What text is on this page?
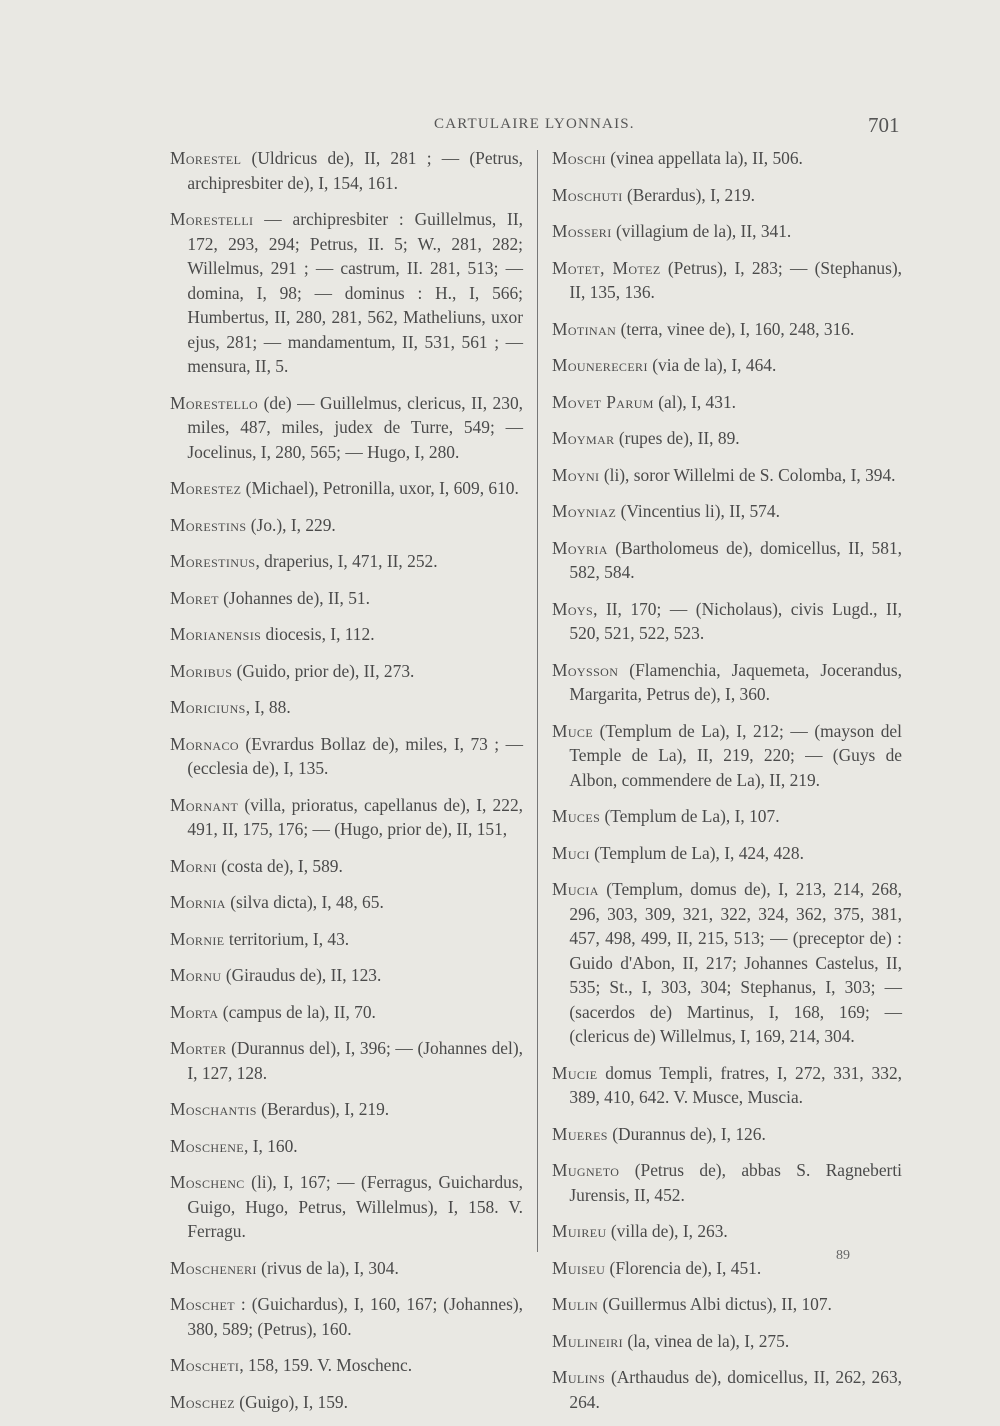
CARTULAIRE LYONNAIS.	701

Morestel (Uldricus de), II, 281 ; — (Petrus, archipresbiter de), I, 154, 161.

Morestelli — archipresbiter : Guillelmus, II, 172, 293, 294; Petrus, II. 5; W., 281, 282; Willelmus, 291 ; — castrum, II. 281, 513; — domina, I, 98; — dominus : H., I, 566; Humbertus, II, 280, 281, 562, Matheliuns, uxor ejus, 281; — mandamentum, II, 531, 561 ; — mensura, II, 5.

Morestello (de) — Guillelmus, clericus, II, 230, miles, 487, miles, judex de Turre, 549; — Jocelinus, I, 280, 565; — Hugo, I, 280.

Morestez (Michael), Petronilla, uxor, I, 609, 610.

Morestins (Jo.), I, 229.

Morestinus, draperius, I, 471, II, 252.

Moret (Johannes de), II, 51.

Morianensis diocesis, I, 112.

Moribus (Guido, prior de), II, 273.

Moriciuns, I, 88.

Mornaco (Evrardus Bollaz de), miles, I, 73 ; — (ecclesia de), I, 135.

Mornant (villa, prioratus, capellanus de), I, 222, 491, II, 175, 176; — (Hugo, prior de), II, 151,

Morni (costa de), I, 589.

Mornia (silva dicta), I, 48, 65.

Mornie territorium, I, 43.

Mornu (Giraudus de), II, 123.

Morta (campus de la), II, 70.

Morter (Durannus del), I, 396; — (Johannes del), I, 127, 128.

Moschantis (Berardus), I, 219.

Moschene, I, 160.

Moschenc (li), I, 167; — (Ferragus, Guichardus, Guigo, Hugo, Petrus, Willelmus), I, 158. V. Ferragu.

Moscheneri (rivus de la), I, 304.

Moschet : (Guichardus), I, 160, 167; (Johannes), 380, 589; (Petrus), 160.

Moscheti, 158, 159. V. Moschenc.

Moschez (Guigo), I, 159.

Moschi (vinea appellata la), II, 506.

Moschuti (Berardus), I, 219.

Mosseri (villagium de la), II, 341.

Motet, Motez (Petrus), I, 283; — (Stephanus), II, 135, 136.

Motinan (terra, vinee de), I, 160, 248, 316.

Mounereceri (via de la), I, 464.

Movet Parum (al), I, 431.

Moymar (rupes de), II, 89.

Moyni (li), soror Willelmi de S. Colomba, I, 394.

Moyniaz (Vincentius li), II, 574.

Moyria (Bartholomeus de), domicellus, II, 581, 582, 584.

Moys, II, 170; — (Nicholaus), civis Lugd., II, 520, 521, 522, 523.

Moysson (Flamenchia, Jaquemeta, Jocerandus, Margarita, Petrus de), I, 360.

Muce (Templum de La), I, 212; — (mayson del Temple de La), II, 219, 220; — (Guys de Albon, commendere de La), II, 219.

Muces (Templum de La), I, 107.

Muci (Templum de La), I, 424, 428.

Mucia (Templum, domus de), I, 213, 214, 268, 296, 303, 309, 321, 322, 324, 362, 375, 381, 457, 498, 499, II, 215, 513; — (preceptor de) : Guido d'Abon, II, 217; Johannes Castelus, II, 535; St., I, 303, 304; Stephanus, I, 303; — (sacerdos de) Martinus, I, 168, 169; — (clericus de) Willelmus, I, 169, 214, 304.

Mucie domus Templi, fratres, I, 272, 331, 332, 389, 410, 642. V. Musce, Muscia.

Mueres (Durannus de), I, 126.

Mugneto (Petrus de), abbas S. Ragneberti Jurensis, II, 452.

Muireu (villa de), I, 263.

Muiseu (Florencia de), I, 451.

Mulin (Guillermus Albi dictus), II, 107.

Mulineiri (la, vinea de la), I, 275.

Mulins (Arthaudus de), domicellus, II, 262, 263, 264.

89
